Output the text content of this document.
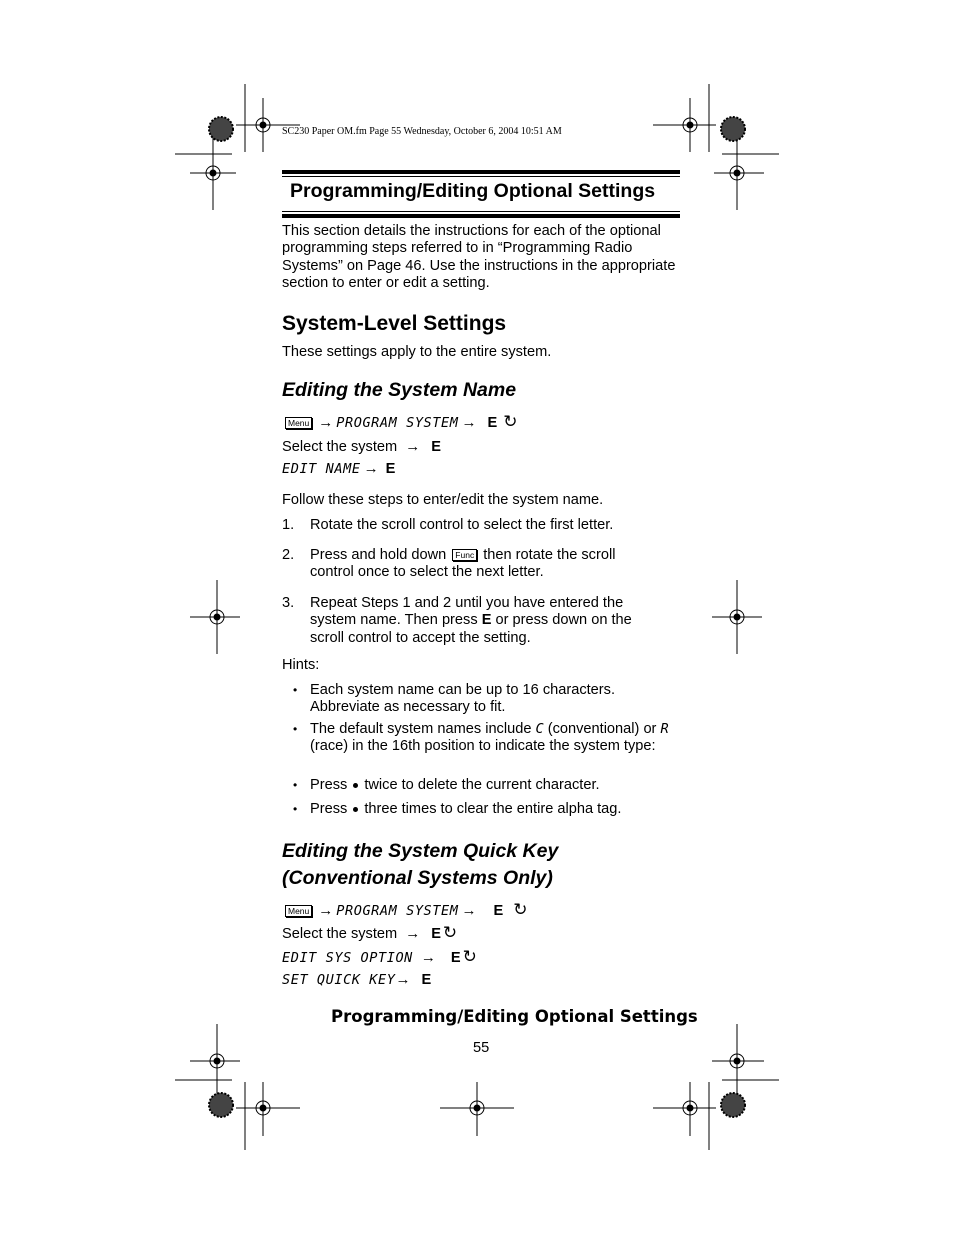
SC230 Paper OM.fm Page 55 Wednesday, October 6, 2004 10:51 AM
Programming/Editing Optional Settings
This section details the instructions for each of the optional programming steps referred to in “Programming Radio Systems” on Page 46. Use the instructions in the appropriate section to enter or edit a setting.
System-Level Settings
These settings apply to the entire system.
Editing the System Name
Menu → PROGRAM SYSTEM → E ↻
Select the system → E
EDIT NAME → E
Follow these steps to enter/edit the system name.
1. Rotate the scroll control to select the first letter.
2. Press and hold down Func then rotate the scroll control once to select the next letter.
3. Repeat Steps 1 and 2 until you have entered the system name. Then press E or press down on the scroll control to accept the setting.
Hints:
• Each system name can be up to 16 characters. Abbreviate as necessary to fit.
• The default system names include C (conventional) or R (race) in the 16th position to indicate the system type:
• Press twice to delete the current character.
• Press three times to clear the entire alpha tag.
Editing the System Quick Key
(Conventional Systems Only)
Menu → PROGRAM SYSTEM → E ↻
Select the system → E ↻
EDIT SYS OPTION → E ↻
SET QUICK KEY→ E
Programming/Editing Optional Settings
55
